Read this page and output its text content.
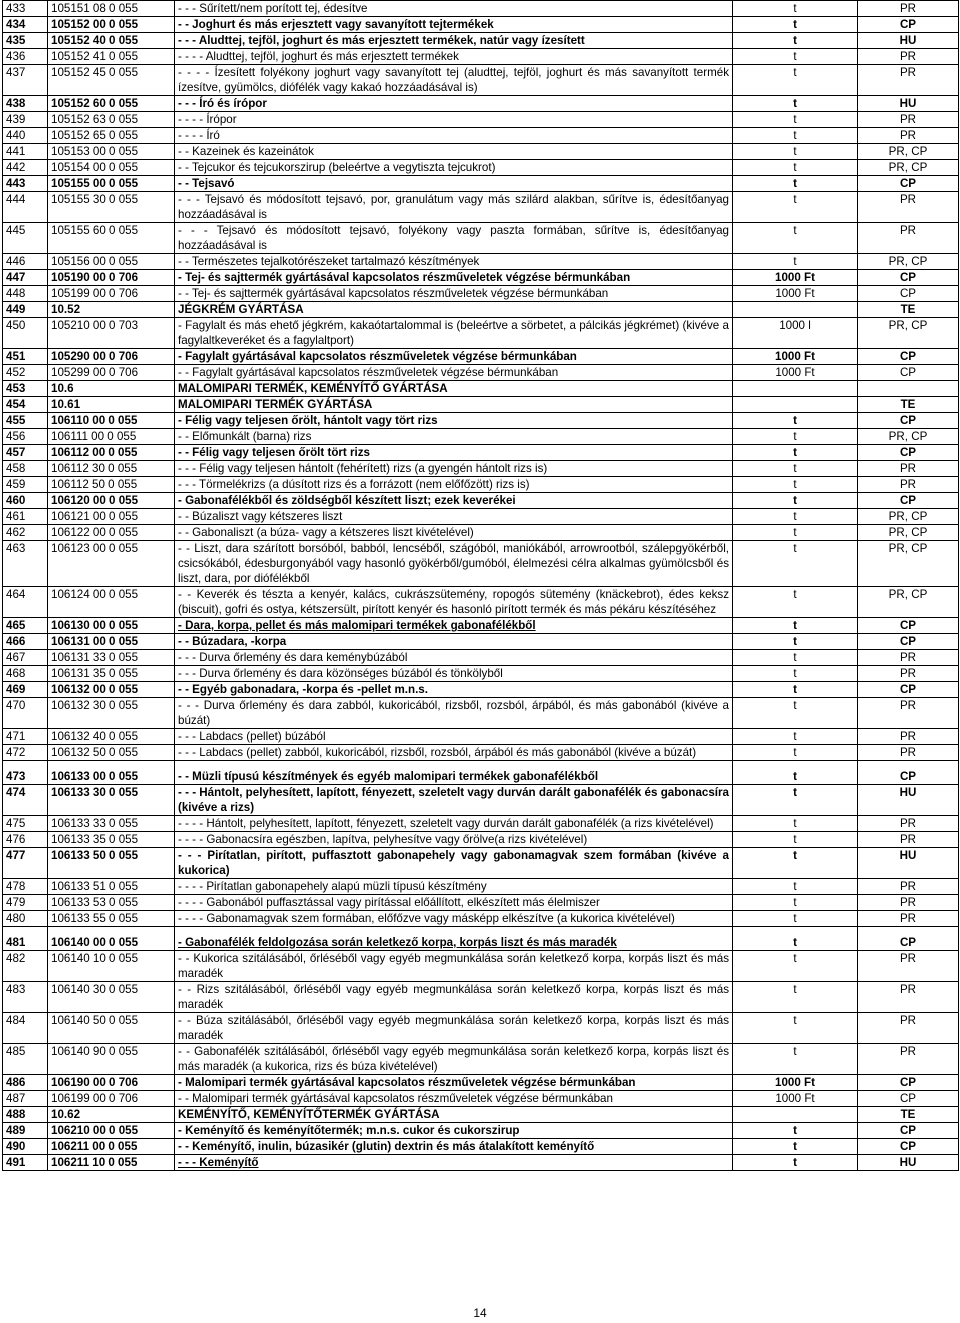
433	105151 08 0 055	- - - Sűrített/nem porított tej, édesítve	t	PR
434	105152 00 0 055	- - Joghurt és más erjesztett vagy savanyított tejtermékek	t	CP
435	105152 40 0 055	- - - Aludttej, tejföl, joghurt és más erjesztett termékek, natúr vagy ízesített	t	HU
436	105152 41 0 055	- - - - Aludttej, tejföl, joghurt és más erjesztett termékek	t	PR
437	105152 45 0 055	- - - - Ízesített folyékony joghurt vagy savanyított tej (aludttej, tejföl, joghurt és más savanyított termék ízesítve, gyümölcs, diófélék vagy kakaó hozzáadásával is)	t	PR
438	105152 60 0 055	- - - Író és írópor	t	HU
439	105152 63 0 055	- - - - Írópor	t	PR
440	105152 65 0 055	- - - - Író	t	PR
441	105153 00 0 055	- - Kazeinek és kazeinátok	t	PR, CP
442	105154 00 0 055	- - Tejcukor és tejcukorszirup (beleértve a vegytiszta tejcukrot)	t	PR, CP
443	105155 00 0 055	- - Tejsavó	t	CP
444	105155 30 0 055	- - - Tejsavó és módosított tejsavó, por, granulátum vagy más szilárd alakban, sűrítve is, édesítőanyag hozzáadásával is	t	PR
445	105155 60 0 055	- - - Tejsavó és módosított tejsavó, folyékony vagy paszta formában, sűrítve is, édesítőanyag hozzáadásával is	t	PR
446	105156 00 0 055	- - Természetes tejalkotórészeket tartalmazó készítmények	t	PR, CP
447	105190 00 0 706	- Tej- és sajttermék gyártásával kapcsolatos részműveletek végzése bérmunkában	1000 Ft	CP
448	105199 00 0 706	- - Tej- és sajttermék gyártásával kapcsolatos részműveletek végzése bérmunkában	1000 Ft	CP
449	10.52	JÉGKRÉM GYÁRTÁSA		TE
450	105210 00 0 703	- Fagylalt és más ehető jégkrém, kakaótartalommal is (beleértve a sörbetet, a pálcikás jégkrémet) (kivéve a fagylaltkeveréket és a fagylaltport)	1000 l	PR, CP
451	105290 00 0 706	- Fagylalt gyártásával kapcsolatos részműveletek végzése bérmunkában	1000 Ft	CP
452	105299 00 0 706	- - Fagylalt gyártásával kapcsolatos részműveletek végzése bérmunkában	1000 Ft	CP
453	10.6	MALOMIPARI TERMÉK, KEMÉNYÍTŐ GYÁRTÁSA		
454	10.61	MALOMIPARI TERMÉK GYÁRTÁSA		TE
455	106110 00 0 055	- Félig vagy teljesen őrölt, hántolt vagy tört rizs	t	CP
456	106111 00 0 055	- - Előmunkált (barna) rizs	t	PR, CP
457	106112 00 0 055	- - Félig vagy teljesen őrölt tört rizs	t	CP
458	106112 30 0 055	- - - Félig vagy teljesen hántolt (fehérített) rizs (a gyengén hántolt rizs is)	t	PR
459	106112 50 0 055	- - - Törmelékrizs (a dúsított rizs és a forrázott (nem előfőzött) rizs is)	t	PR
460	106120 00 0 055	- Gabonafélékből és zöldségből készített liszt; ezek keverékei	t	CP
461	106121 00 0 055	- - Búzaliszt vagy kétszeres liszt	t	PR, CP
462	106122 00 0 055	- - Gabonaliszt (a búza- vagy a kétszeres liszt kivételével)	t	PR, CP
463	106123 00 0 055	- - Liszt, dara szárított borsóból, babból, lencséből, szágóból, maniókából, arrowrootból, szálepgyökérből, csicsókából, édesburgonyából vagy hasonló gyökérből/gumóból, élelmezési célra alkalmas gyümölcsből és liszt, dara, por diófélékből	t	PR, CP
464	106124 00 0 055	- - Keverék és tészta a kenyér, kalács, cukrászsütemény, ropogós sütemény (knäckebrot), édes keksz (biscuit), gofri és ostya, kétszersült, pirított kenyér és hasonló pirított termék és más pékáru készítéséhez	t	PR, CP
465	106130 00 0 055	- Dara, korpa, pellet és más malomipari termékek gabonafélékből	t	CP
466	106131 00 0 055	- - Búzadara, -korpa	t	CP
467	106131 33 0 055	- - - Durva őrlemény és dara keménybúzából	t	PR
468	106131 35 0 055	- - - Durva őrlemény és dara közönséges búzából és tönkölyből	t	PR
469	106132 00 0 055	- - Egyéb gabonadara, -korpa és -pellet m.n.s.	t	CP
470	106132 30 0 055	- - - Durva őrlemény és dara zabból, kukoricából, rizsből, rozsból, árpából, és más gabonából (kivéve a búzát)	t	PR
471	106132 40 0 055	- - - Labdacs (pellet) búzából	t	PR
472	106132 50 0 055	- - - Labdacs (pellet) zabból, kukoricából, rizsből, rozsból, árpából és más gabonából (kivéve a búzát)	t	PR
473	106133 00 0 055	- - Müzli típusú készítmények és egyéb malomipari termékek gabonafélékből	t	CP
474	106133 30 0 055	- - - Hántolt, pelyhesített, lapított, fényezett, szeletelt vagy durván darált gabonafélék és gabonacsíra (kivéve a rizs)	t	HU
475	106133 33 0 055	- - - - Hántolt, pelyhesített, lapított, fényezett, szeletelt vagy durván darált gabonafélék (a rizs kivételével)	t	PR
476	106133 35 0 055	- - - - Gabonacsíra egészben, lapítva, pelyhesítve vagy őrölve(a rizs kivételével)	t	PR
477	106133 50 0 055	- - - Pirítatlan, pirított, puffasztott gabonapehely vagy gabonamagvak szem formában (kivéve a kukorica)	t	HU
478	106133 51 0 055	- - - - Pirítatlan gabonapehely alapú müzli típusú készítmény	t	PR
479	106133 53 0 055	- - - - Gabonából puffasztással vagy pirítással előállított, elkészített más élelmiszer	t	PR
480	106133 55 0 055	- - - - Gabonamagvak szem formában, előfőzve vagy másképp elkészítve (a kukorica kivételével)	t	PR
481	106140 00 0 055	- Gabonafélék feldolgozása során keletkező korpa, korpás liszt és más maradék	t	CP
482	106140 10 0 055	- - Kukorica szitálásából, őrléséből vagy egyéb megmunkálása során keletkező korpa, korpás liszt és más maradék	t	PR
483	106140 30 0 055	- - Rizs szitálásából, őrléséből vagy egyéb megmunkálása során keletkező korpa, korpás liszt és más maradék	t	PR
484	106140 50 0 055	- - Búza szitálásából, őrléséből vagy egyéb megmunkálása során keletkező korpa, korpás liszt és más maradék	t	PR
485	106140 90 0 055	- - Gabonafélék szitálásából, őrléséből vagy egyéb megmunkálása során keletkező korpa, korpás liszt és más maradék (a kukorica, rizs és búza kivételével)	t	PR
486	106190 00 0 706	- Malomipari termék gyártásával kapcsolatos részműveletek végzése bérmunkában	1000 Ft	CP
487	106199 00 0 706	- - Malomipari termék gyártásával kapcsolatos részműveletek végzése bérmunkában	1000 Ft	CP
488	10.62	KEMÉNYÍTŐ, KEMÉNYÍTŐTERMÉK GYÁRTÁSA		TE
489	106210 00 0 055	- Keményítő és keményítőtermék; m.n.s. cukor és cukorszirup	t	CP
490	106211 00 0 055	- - Keményítő, inulin, búzasikér (glutin) dextrin és más átalakított keményítő	t	CP
491	106211 10 0 055	- - - Keményítő	t	HU
14
